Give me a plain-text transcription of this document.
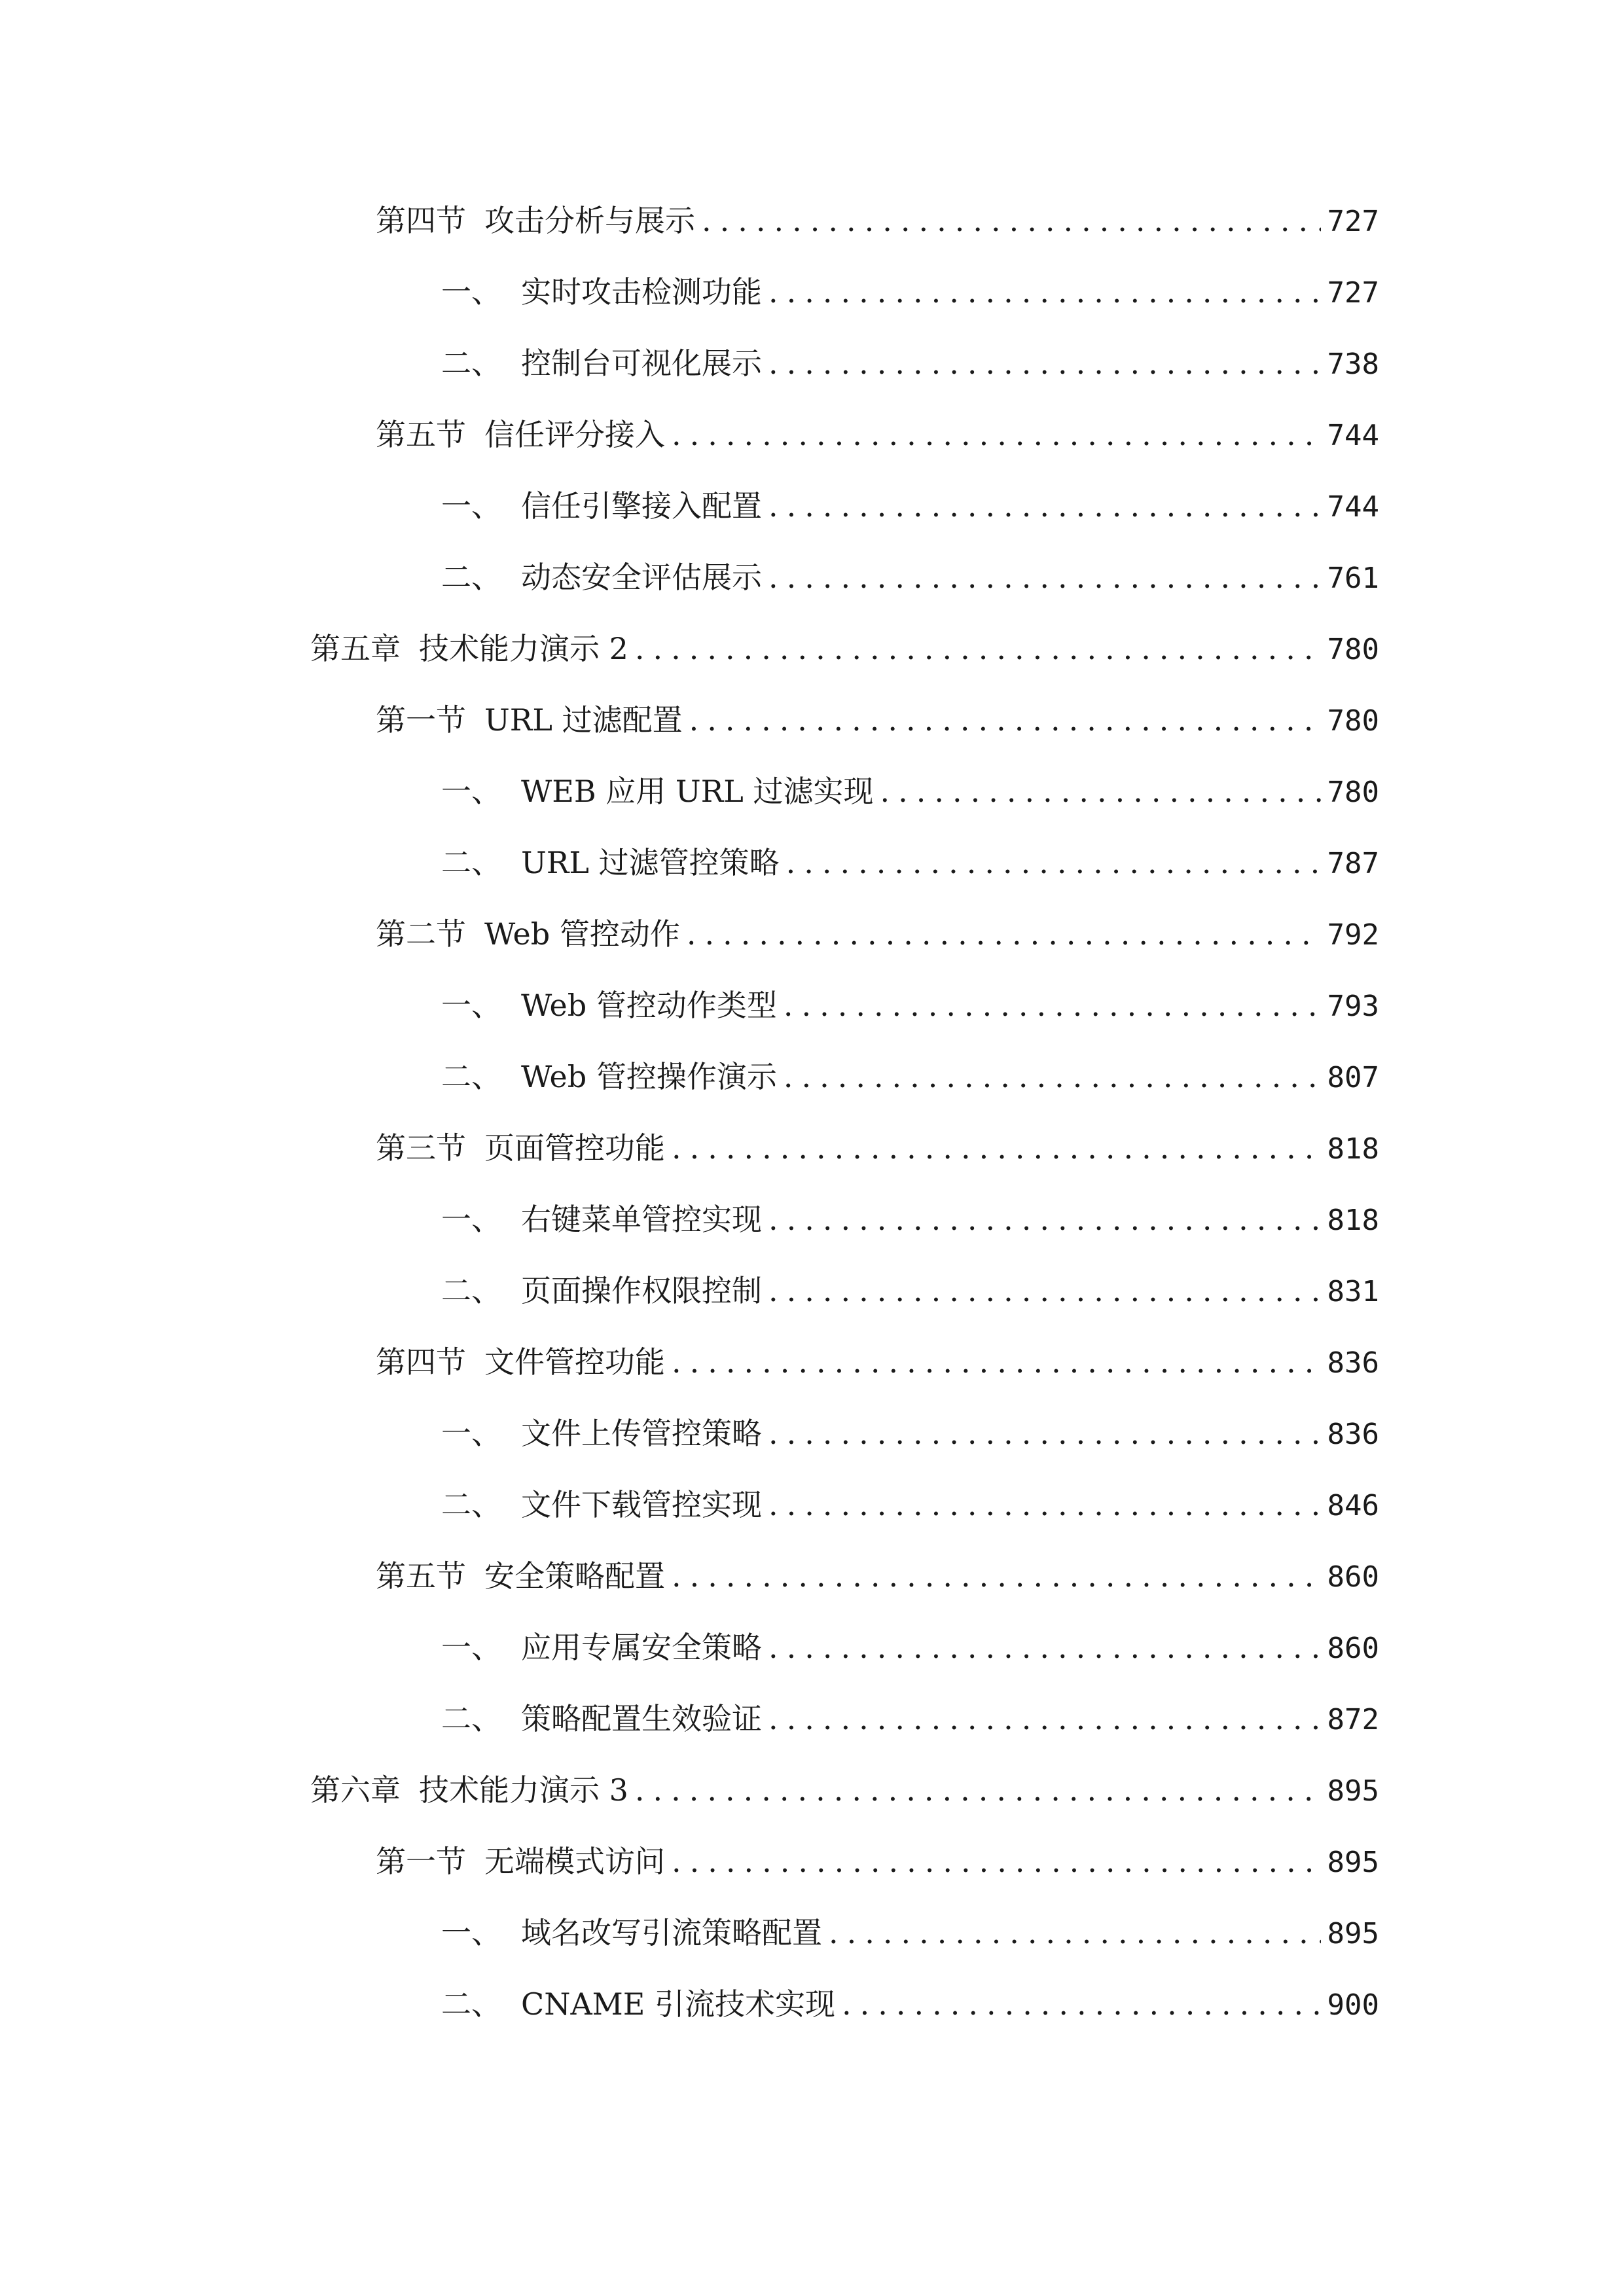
第四节 攻击分析与展示 .....	727
一、 实时攻击检测功能 .....	727
二、 控制台可视化展示 .....	738
第五节 信任评分接入 .....	744
一、 信任引擎接入配置 .....	744
二、 动态安全评估展示 .....	761
第五章 技术能力演示 2 .....	780
第一节 URL 过滤配置 .....	780
一、 WEB 应用 URL 过滤实现 .....	780
二、 URL 过滤管控策略 .....	787
第二节 Web 管控动作 .....	792
一、 Web 管控动作类型 .....	793
二、 Web 管控操作演示 .....	807
第三节 页面管控功能 .....	818
一、 右键菜单管控实现 .....	818
二、 页面操作权限控制 .....	831
第四节 文件管控功能 .....	836
一、 文件上传管控策略 .....	836
二、 文件下载管控实现 .....	846
第五节 安全策略配置 .....	860
一、 应用专属安全策略 .....	860
二、 策略配置生效验证 .....	872
第六章 技术能力演示 3 .....	895
第一节 无端模式访问 .....	895
一、 域名改写引流策略配置 .....	895
二、 CNAME 引流技术实现 .....	900
